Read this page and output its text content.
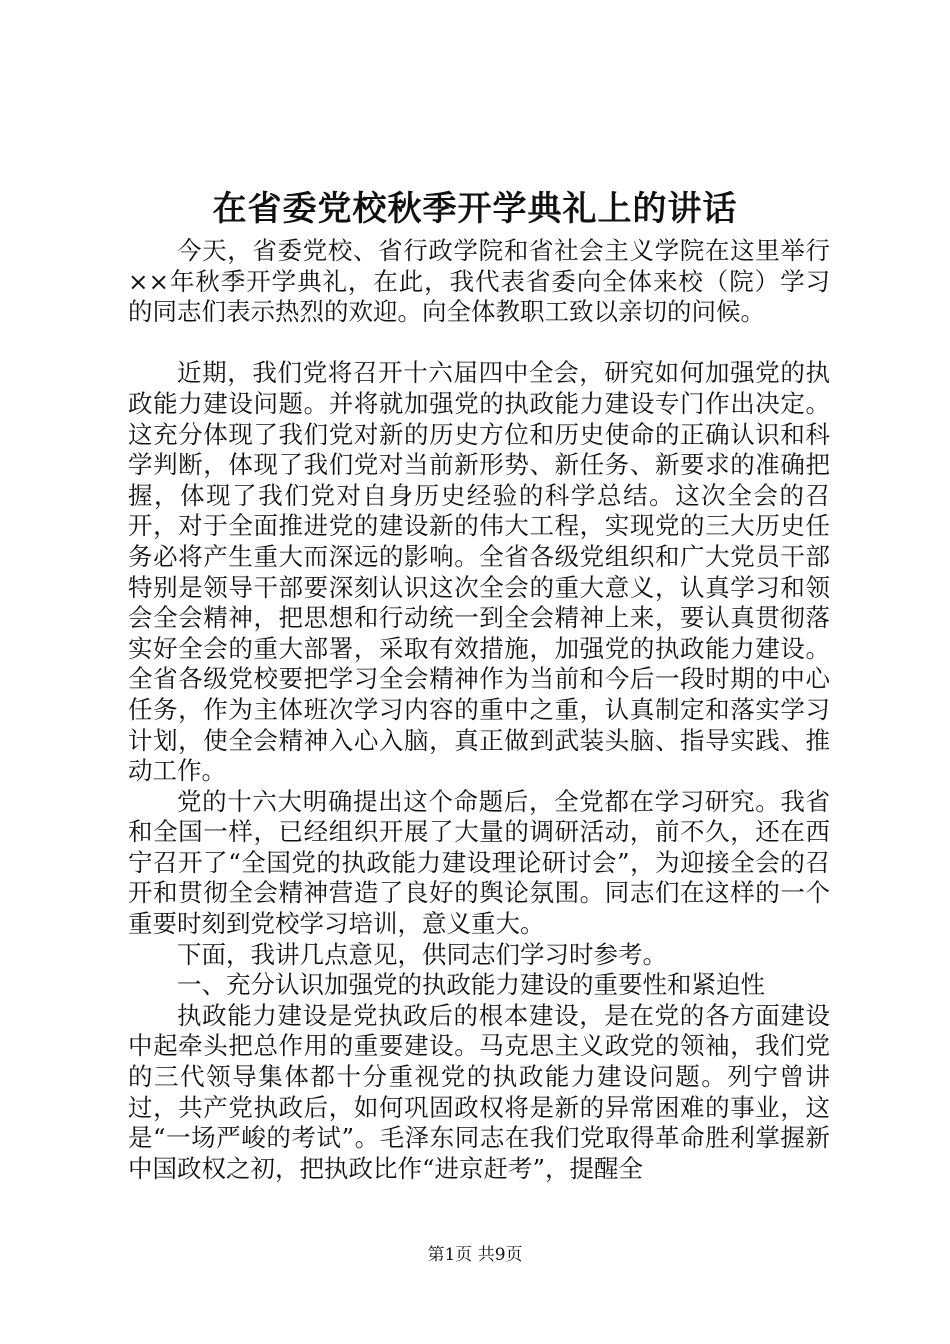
在省委党校秋季开学典礼上的讲话

今天，省委党校、省行政学院和省社会主义学院在这里举行××年秋季开学典礼，在此，我代表省委向全体来校（院）学习的同志们表示热烈的欢迎。向全体教职工致以亲切的问候。

近期，我们党将召开十六届四中全会，研究如何加强党的执政能力建设问题。并将就加强党的执政能力建设专门作出决定。这充分体现了我们党对新的历史方位和历史使命的正确认识和科学判断，体现了我们党对当前新形势、新任务、新要求的准确把握，体现了我们党对自身历史经验的科学总结。这次全会的召开，对于全面推进党的建设新的伟大工程，实现党的三大历史任务必将产生重大而深远的影响。全省各级党组织和广大党员干部特别是领导干部要深刻认识这次全会的重大意义，认真学习和领会全会精神，把思想和行动统一到全会精神上来，要认真贯彻落实好全会的重大部署，采取有效措施，加强党的执政能力建设。全省各级党校要把学习全会精神作为当前和今后一段时期的中心任务，作为主体班次学习内容的重中之重，认真制定和落实学习计划，使全会精神入心入脑，真正做到武装头脑、指导实践、推动工作。

党的十六大明确提出这个命题后，全党都在学习研究。我省和全国一样，已经组织开展了大量的调研活动，前不久，还在西宁召开了“全国党的执政能力建设理论研讨会”，为迎接全会的召开和贯彻全会精神营造了良好的舆论氛围。同志们在这样的一个重要时刻到党校学习培训，意义重大。

下面，我讲几点意见，供同志们学习时参考。

一、充分认识加强党的执政能力建设的重要性和紧迫性

执政能力建设是党执政后的根本建设，是在党的各方面建设中起牵头把总作用的重要建设。马克思主义政党的领袖，我们党的三代领导集体都十分重视党的执政能力建设问题。列宁曾讲过，共产党执政后，如何巩固政权将是新的异常困难的事业，这是“一场严峻的考试”。毛泽东同志在我们党取得革命胜利掌握新中国政权之初，把执政比作“进京赶考”，提醒全

第1页 共9页
